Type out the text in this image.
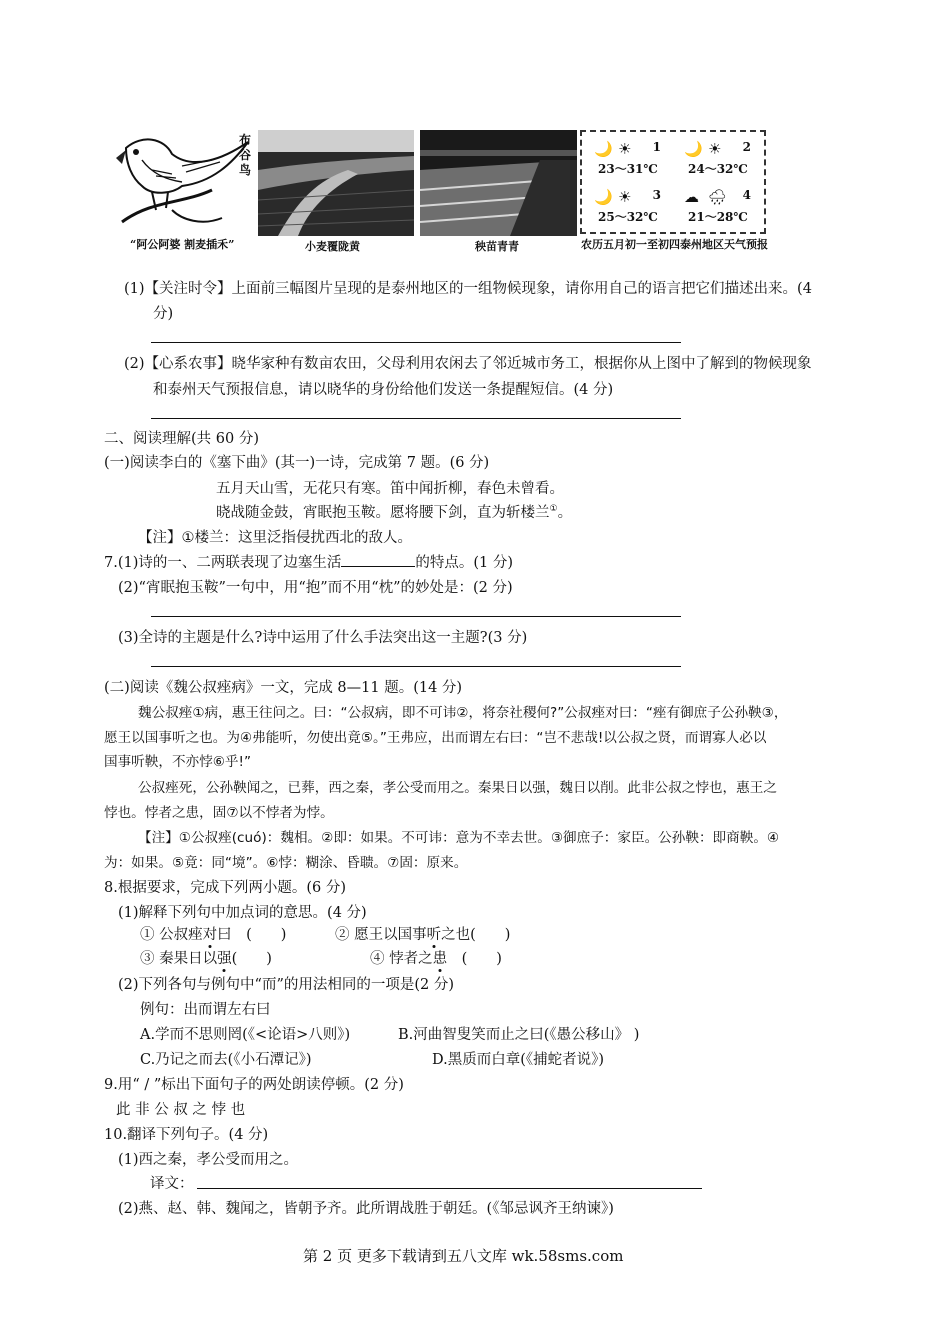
布谷鸟
🌙 ☀ 1
23～31℃
🌙 ☀ 2
24～32℃
🌙 ☀ 3
25～32℃
☁ 🌧 4
21～28℃
“阿公阿婆 割麦插禾”	小麦覆陇黄	秧苗青青	农历五月初一至初四泰州地区天气预报
(1)【关注时令】上面前三幅图片呈现的是泰州地区的一组物候现象，请你用自己的语言把它们描述出来。(4
分)
(2)【心系农事】晓华家种有数亩农田，父母利用农闲去了邻近城市务工，根据你从上图中了解到的物候现象
和泰州天气预报信息，请以晓华的身份给他们发送一条提醒短信。(4 分)
二、阅读理解(共 60 分)
(一)阅读李白的《塞下曲》(其一)一诗，完成第 7 题。(6 分)
五月天山雪，无花只有寒。笛中闻折柳，春色未曾看。
晓战随金鼓，宵眠抱玉鞍。愿将腰下剑，直为斩楼兰①。
【注】①楼兰：这里泛指侵扰西北的敌人。
7.(1)诗的一、二两联表现了边塞生活	的特点。(1 分)
(2)“宵眠抱玉鞍”一句中，用“抱”而不用“枕”的妙处是：(2 分)
(3)全诗的主题是什么?诗中运用了什么手法突出这一主题?(3 分)
(二)阅读《魏公叔痤病》一文，完成 8—11 题。(14 分)
魏公叔痤①病，惠王往问之。曰：“公叔病，即不可讳②，将奈社稷何?”公叔痤对曰：“痤有御庶子公孙鞅③，
愿王以国事听之也。为④弗能听，勿使出竟⑤。”王弗应，出而谓左右曰：“岂不悲哉!以公叔之贤，而谓寡人必以
国事听鞅，不亦悖⑥乎!”
公叔痤死，公孙鞅闻之，已葬，西之秦，孝公受而用之。秦果日以强，魏日以削。此非公叔之悖也，惠王之
悖也。悖者之患，固⑦以不悖者为悖。
【注】①公叔痤(cuó)：魏相。②即：如果。不可讳：意为不幸去世。③御庶子：家臣。公孙鞅：即商鞅。④
为：如果。⑤竟：同“境”。⑥悖：糊涂、昏聩。⑦固：原来。
8.根据要求，完成下列两小题。(6 分)
(1)解释下列句中加点词的意思。(4 分)
① 公叔痤对曰　(　　)	② 愿王以国事听之也(　　)
③ 秦果日以强(　　)	④ 悖者之患　(　　)
(2)下列各句与例句中“而”的用法相同的一项是(2 分)
例句：出而谓左右曰
A.学而不思则罔(《<论语>八则》)	B.河曲智叟笑而止之曰(《愚公移山》 )
C.乃记之而去(《小石潭记》)	D.黑质而白章(《捕蛇者说》)
9.用“ / ”标出下面句子的两处朗读停顿。(2 分)
此 非 公 叔 之 悖 也
10.翻译下列句子。(4 分)
(1)西之秦，孝公受而用之。
译文：
(2)燕、赵、韩、魏闻之，皆朝予齐。此所谓战胜于朝廷。(《邹忌讽齐王纳谏》)
第 2 页 更多下载请到五八文库 wk.58sms.com
